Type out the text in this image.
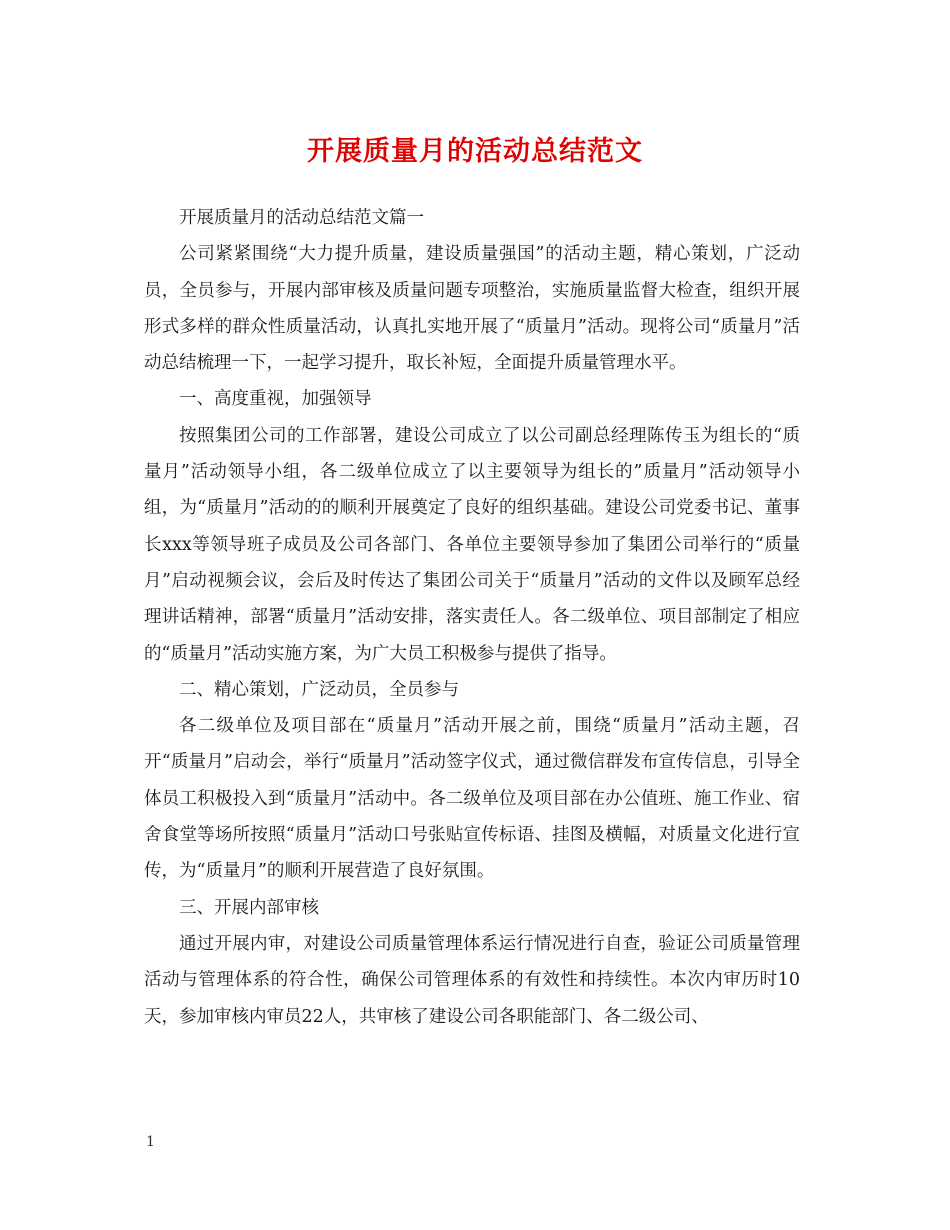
开展质量月的活动总结范文

开展质量月的活动总结范文篇一

公司紧紧围绕“大力提升质量，建设质量强国”的活动主题，精心策划，广泛动员，全员参与，开展内部审核及质量问题专项整治，实施质量监督大检查，组织开展形式多样的群众性质量活动，认真扎实地开展了“质量月”活动。现将公司“质量月”活动总结梳理一下，一起学习提升，取长补短，全面提升质量管理水平。

一、高度重视，加强领导

按照集团公司的工作部署，建设公司成立了以公司副总经理陈传玉为组长的“质量月”活动领导小组，各二级单位成立了以主要领导为组长的”质量月”活动领导小组，为“质量月”活动的的顺利开展奠定了良好的组织基础。建设公司党委书记、董事长xxx等领导班子成员及公司各部门、各单位主要领导参加了集团公司举行的“质量月”启动视频会议，会后及时传达了集团公司关于“质量月”活动的文件以及顾军总经理讲话精神，部署“质量月”活动安排，落实责任人。各二级单位、项目部制定了相应的“质量月”活动实施方案，为广大员工积极参与提供了指导。

二、精心策划，广泛动员，全员参与

各二级单位及项目部在“质量月”活动开展之前，围绕“质量月”活动主题，召开“质量月”启动会，举行“质量月”活动签字仪式，通过微信群发布宣传信息，引导全体员工积极投入到“质量月”活动中。各二级单位及项目部在办公值班、施工作业、宿舍食堂等场所按照“质量月”活动口号张贴宣传标语、挂图及横幅，对质量文化进行宣传，为“质量月”的顺利开展营造了良好氛围。

三、开展内部审核

通过开展内审，对建设公司质量管理体系运行情况进行自查，验证公司质量管理活动与管理体系的符合性，确保公司管理体系的有效性和持续性。本次内审历时10天，参加审核内审员22人，共审核了建设公司各职能部门、各二级公司、

1
